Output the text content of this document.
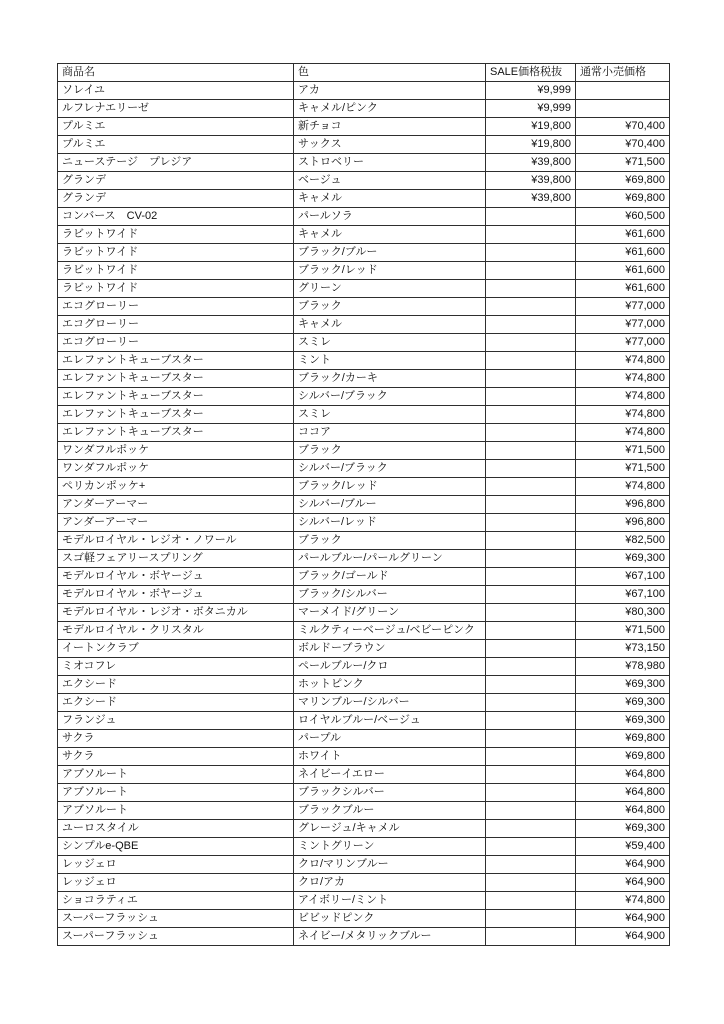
商品名	色	SALE価格税抜	通常小売価格
ソレイユ	アカ	¥9,999	
ルフレナエリーゼ	キャメル/ピンク	¥9,999	
プルミエ	新チョコ	¥19,800	¥70,400
プルミエ	サックス	¥19,800	¥70,400
ニューステージ　プレジア	ストロベリー	¥39,800	¥71,500
グランデ	ベージュ	¥39,800	¥69,800
グランデ	キャメル	¥39,800	¥69,800
コンバース　CV-02	パールソラ		¥60,500
ラビットワイド	キャメル		¥61,600
ラビットワイド	ブラック/ブルー		¥61,600
ラビットワイド	ブラック/レッド		¥61,600
ラビットワイド	グリーン		¥61,600
エコグローリー	ブラック		¥77,000
エコグローリー	キャメル		¥77,000
エコグローリー	スミレ		¥77,000
エレファントキューブスター	ミント		¥74,800
エレファントキューブスター	ブラック/カーキ		¥74,800
エレファントキューブスター	シルバー/ブラック		¥74,800
エレファントキューブスター	スミレ		¥74,800
エレファントキューブスター	ココア		¥74,800
ワンダフルポッケ	ブラック		¥71,500
ワンダフルポッケ	シルバー/ブラック		¥71,500
ペリカンポッケ+	ブラック/レッド		¥74,800
アンダーアーマー	シルバー/ブルー		¥96,800
アンダーアーマー	シルバー/レッド		¥96,800
モデルロイヤル・レジオ・ノワール	ブラック		¥82,500
スゴ軽フェアリースプリング	パールブルー/パールグリーン		¥69,300
モデルロイヤル・ボヤージュ	ブラック/ゴールド		¥67,100
モデルロイヤル・ボヤージュ	ブラック/シルバー		¥67,100
モデルロイヤル・レジオ・ボタニカル	マーメイド/グリーン		¥80,300
モデルロイヤル・クリスタル	ミルクティーベージュ/ベビーピンク		¥71,500
イートンクラブ	ボルドーブラウン		¥73,150
ミオコフレ	ペールブルー/クロ		¥78,980
エクシード	ホットピンク		¥69,300
エクシード	マリンブルー/シルバー		¥69,300
フランジュ	ロイヤルブルー/ベージュ		¥69,300
サクラ	パープル		¥69,800
サクラ	ホワイト		¥69,800
アブソルート	ネイビーイエロー		¥64,800
アブソルート	ブラックシルバー		¥64,800
アブソルート	ブラックブルー		¥64,800
ユーロスタイル	グレージュ/キャメル		¥69,300
シンプルe-QBE	ミントグリーン		¥59,400
レッジェロ	クロ/マリンブルー		¥64,900
レッジェロ	クロ/アカ		¥64,900
ショコラティエ	アイボリー/ミント		¥74,800
スーパーフラッシュ	ビビッドピンク		¥64,900
スーパーフラッシュ	ネイビー/メタリックブルー		¥64,900
